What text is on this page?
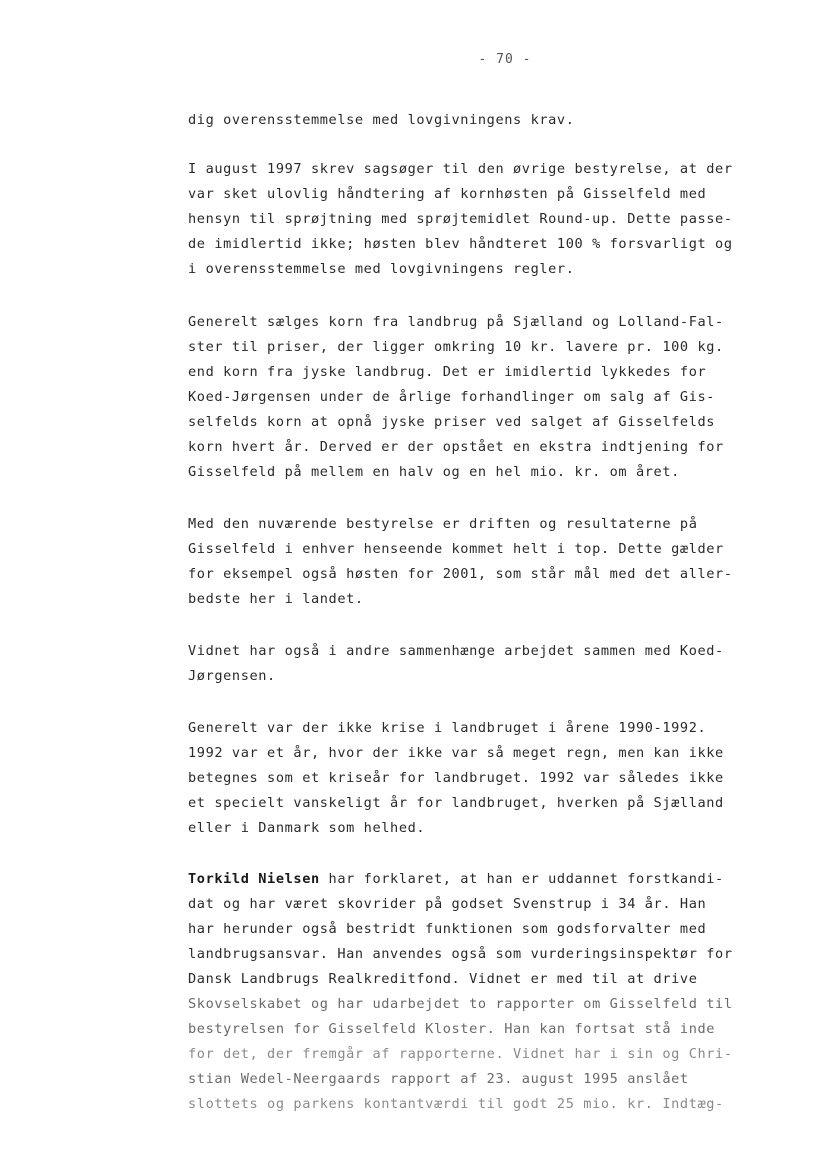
- 70 -
dig overensstemmelse med lovgivningens krav.
I august 1997 skrev sagsøger til den øvrige bestyrelse, at der
var sket ulovlig håndtering af kornhøsten på Gisselfeld med
hensyn til sprøjtning med sprøjtemidlet Round-up. Dette passe-
de imidlertid ikke; høsten blev håndteret 100 % forsvarligt og
i overensstemmelse med lovgivningens regler.
Generelt sælges korn fra landbrug på Sjælland og Lolland-Fal-
ster til priser, der ligger omkring 10 kr. lavere pr. 100 kg.
end korn fra jyske landbrug. Det er imidlertid lykkedes for
Koed-Jørgensen under de årlige forhandlinger om salg af Gis-
selfelds korn at opnå jyske priser ved salget af Gisselfelds
korn hvert år. Derved er der opstået en ekstra indtjening for
Gisselfeld på mellem en halv og en hel mio. kr. om året.
Med den nuværende bestyrelse er driften og resultaterne på
Gisselfeld i enhver henseende kommet helt i top. Dette gælder
for eksempel også høsten for 2001, som står mål med det aller-
bedste her i landet.
Vidnet har også i andre sammenhænge arbejdet sammen med Koed-
Jørgensen.
Generelt var der ikke krise i landbruget i årene 1990-1992.
1992 var et år, hvor der ikke var så meget regn, men kan ikke
betegnes som et kriseår for landbruget. 1992 var således ikke
et specielt vanskeligt år for landbruget, hverken på Sjælland
eller i Danmark som helhed.
Torkild Nielsen har forklaret, at han er uddannet forstkandi-
dat og har været skovrider på godset Svenstrup i 34 år. Han
har herunder også bestridt funktionen som godsforvalter med
landbrugsansvar. Han anvendes også som vurderingsinspektør for
Dansk Landbrugs Realkreditfond. Vidnet er med til at drive
Skovselskabet og har udarbejdet to rapporter om Gisselfeld til
bestyrelsen for Gisselfeld Kloster. Han kan fortsat stå inde
for det, der fremgår af rapporterne. Vidnet har i sin og Chri-
stian Wedel-Neergaards rapport af 23. august 1995 anslået
slottets og parkens kontantværdi til godt 25 mio. kr. Indtæg-
